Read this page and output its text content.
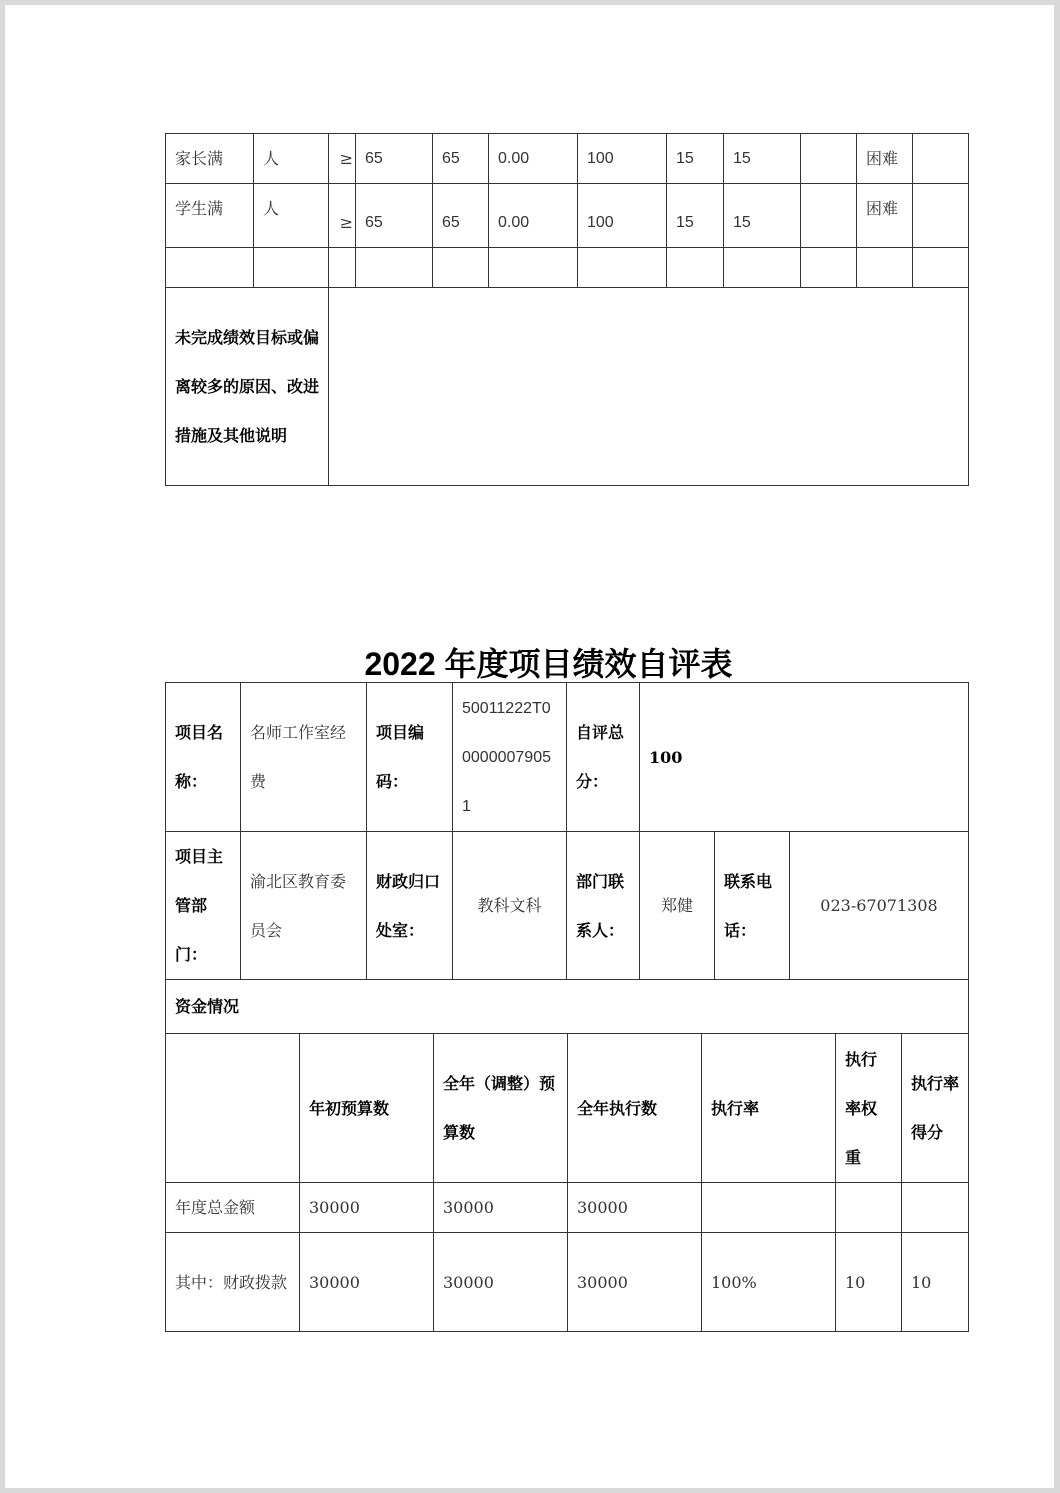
家长满	人	≥	65	65	0.00	100	15	15		困难	
学生满	人	≥	65	65	0.00	100	15	15		困难	

未完成绩效目标或偏离较多的原因、改进措施及其他说明											
2022 年度项目绩效自评表
项目名称：	名师工作室经费	项目编码：	50011222T000000079051	自评总分：	100		
项目主管部门：	渝北区教育委员会	财政归口处室：	教科文科	部门联系人：	郑健	联系电话：	023-67071308
资金情况							
	年初预算数	全年（调整）预算数	全年执行数	执行率	执行率权重	执行率得分
年度总金额	30000	30000	30000			
其中：财政拨款	30000	30000	30000	100%	10	10
